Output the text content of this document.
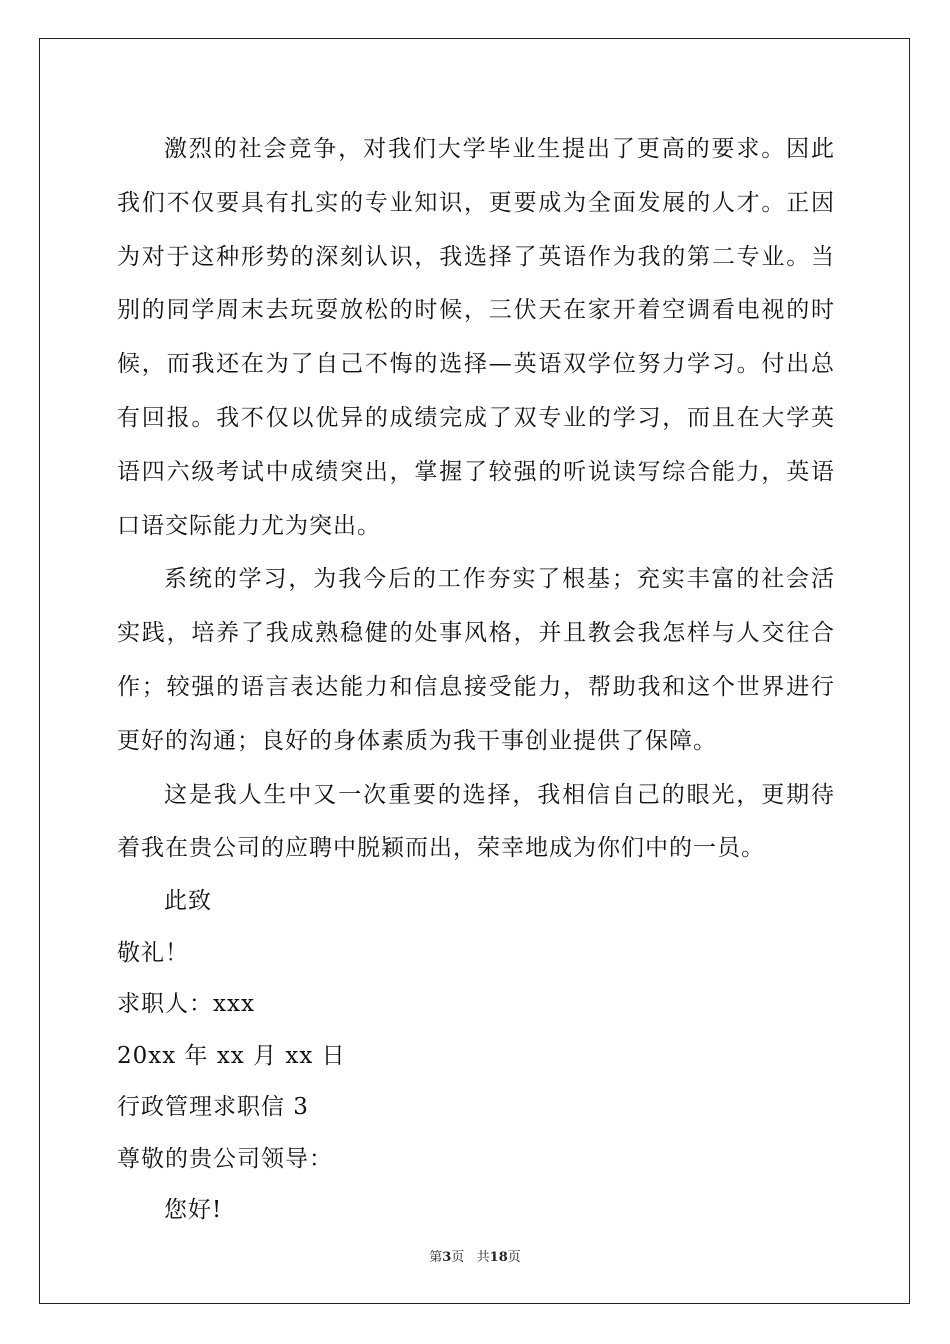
激烈的社会竞争，对我们大学毕业生提出了更高的要求。因此我们不仅要具有扎实的专业知识，更要成为全面发展的人才。正因为对于这种形势的深刻认识，我选择了英语作为我的第二专业。当别的同学周末去玩耍放松的时候，三伏天在家开着空调看电视的时候，而我还在为了自己不悔的选择—英语双学位努力学习。付出总有回报。我不仅以优异的成绩完成了双专业的学习，而且在大学英语四六级考试中成绩突出，掌握了较强的听说读写综合能力，英语口语交际能力尤为突出。

系统的学习，为我今后的工作夯实了根基；充实丰富的社会活实践，培养了我成熟稳健的处事风格，并且教会我怎样与人交往合作；较强的语言表达能力和信息接受能力，帮助我和这个世界进行更好的沟通；良好的身体素质为我干事创业提供了保障。

这是我人生中又一次重要的选择，我相信自己的眼光，更期待着我在贵公司的应聘中脱颖而出，荣幸地成为你们中的一员。

此致

敬礼！

求职人：xxx

20xx 年 xx 月 xx 日

行政管理求职信 3

尊敬的贵公司领导：

您好!

第3页   共18页
